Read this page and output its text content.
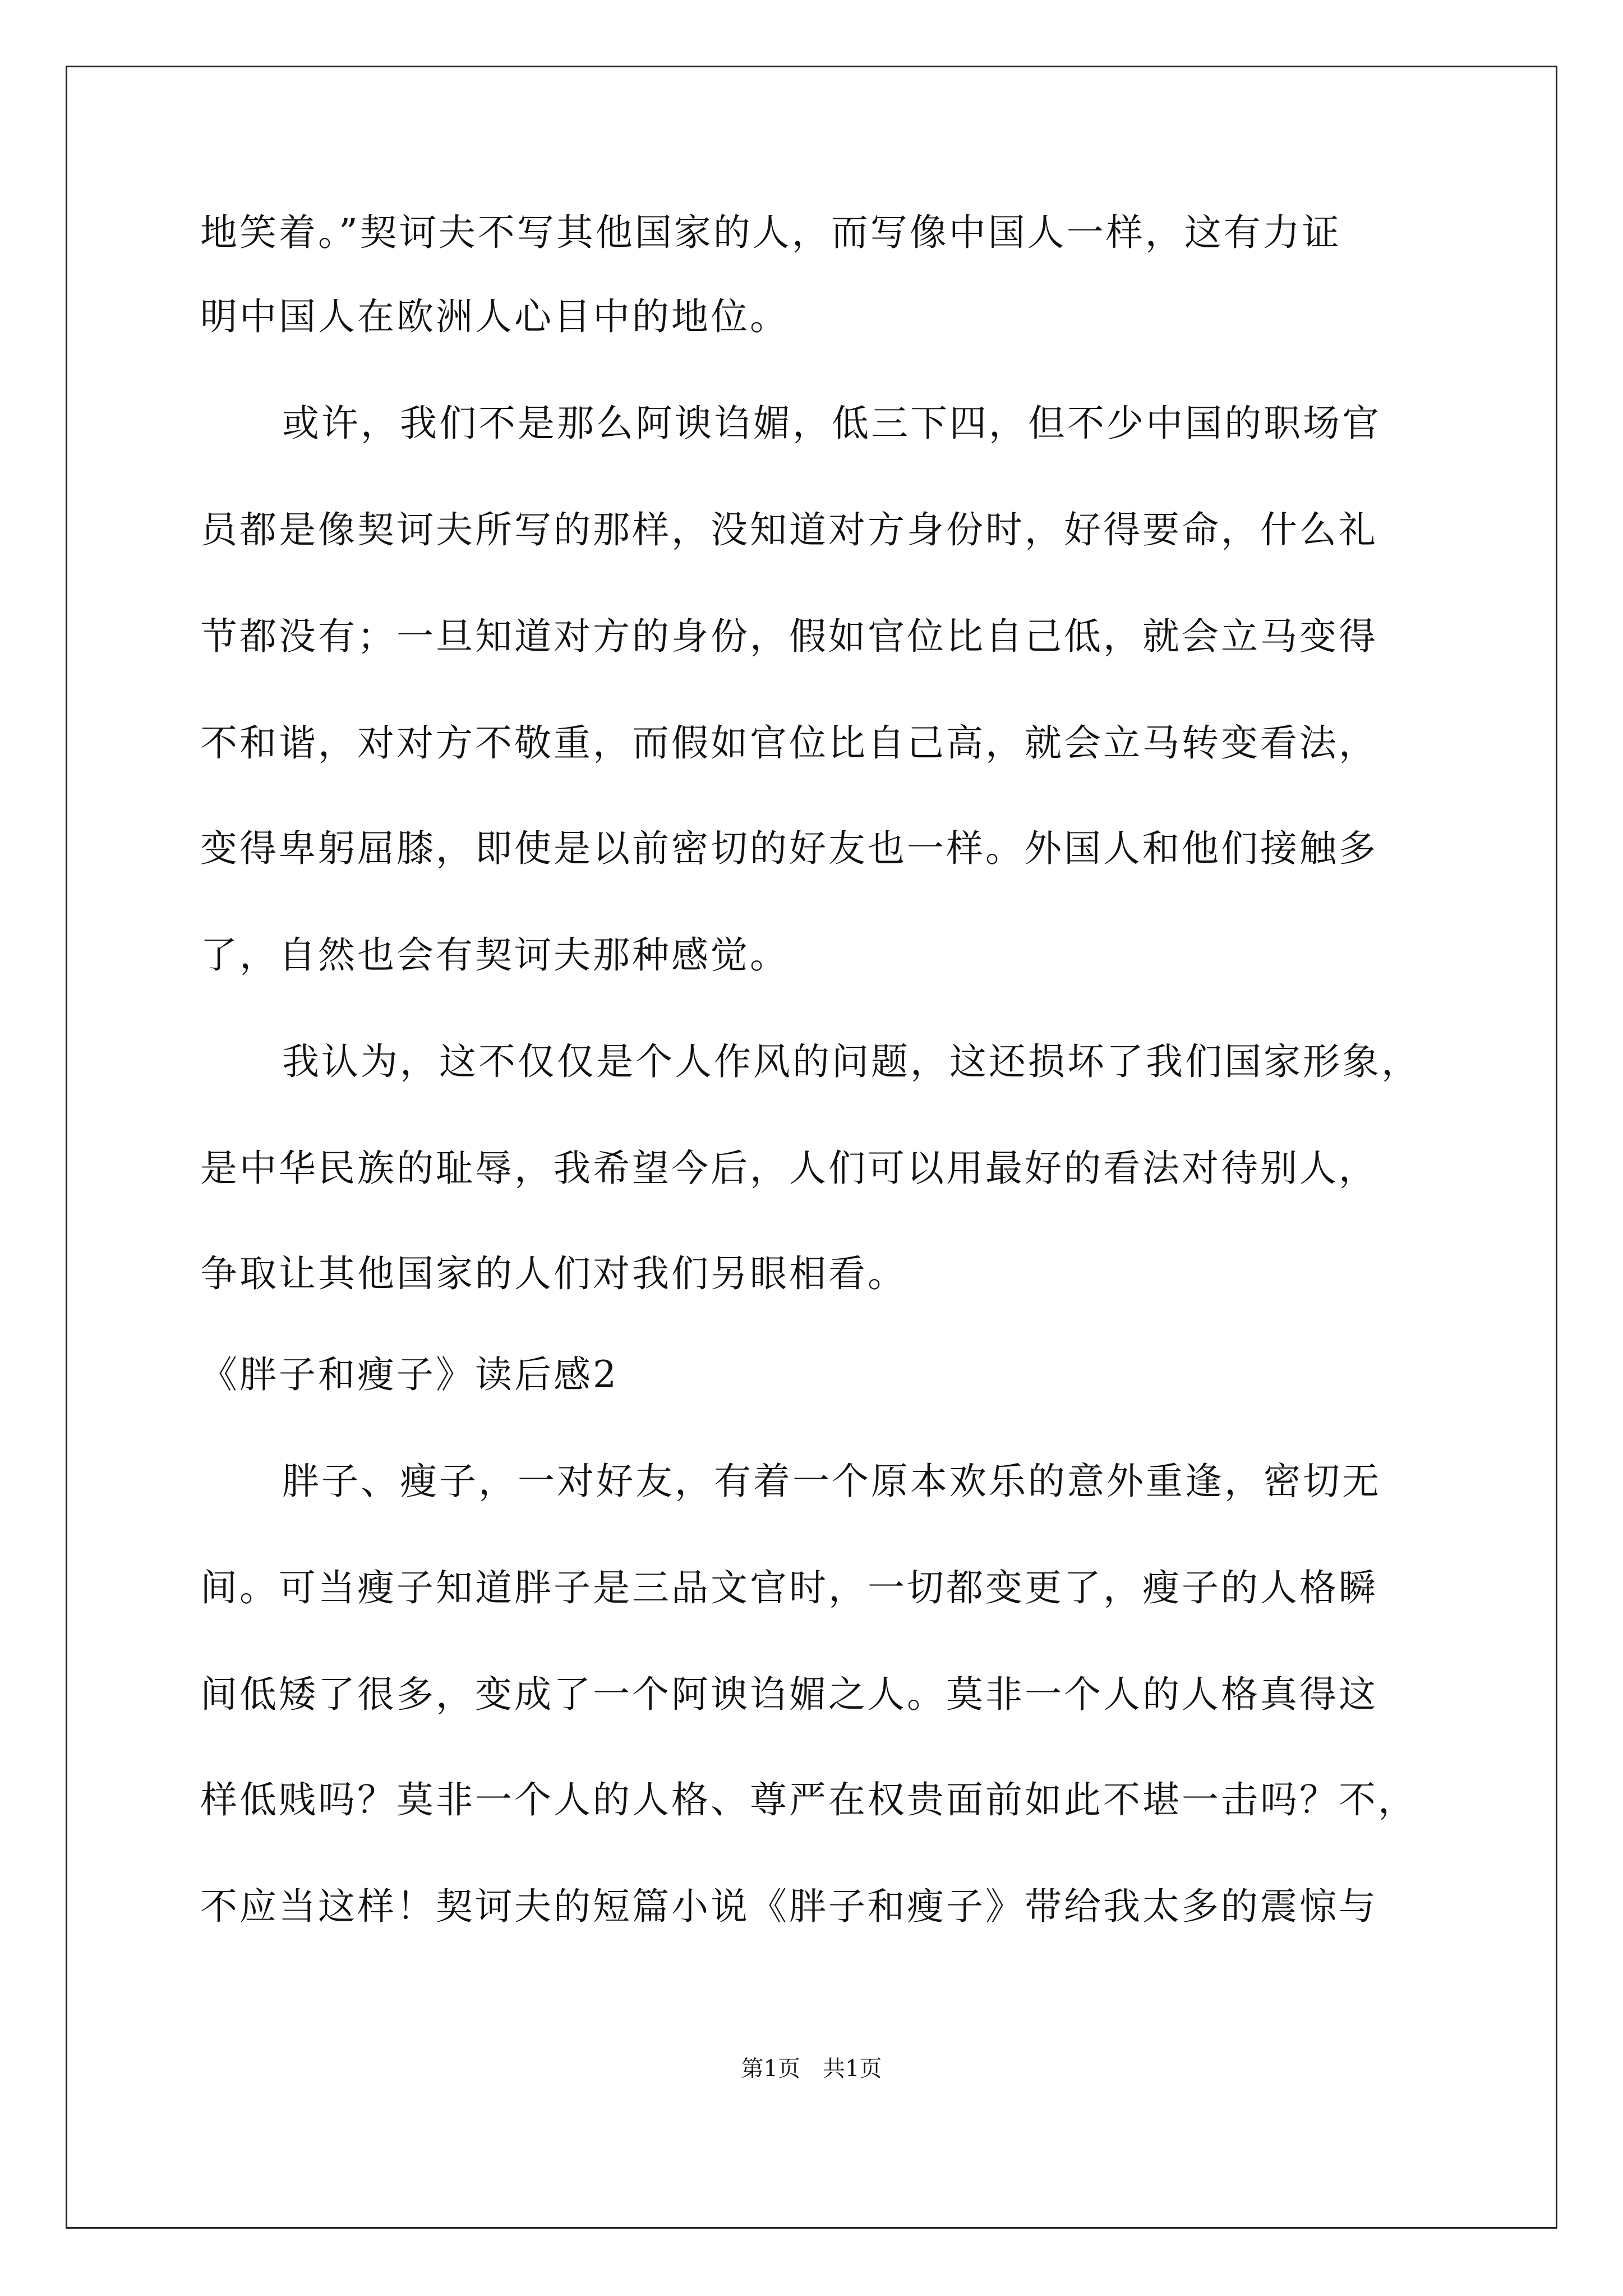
地笑着。”契诃夫不写其他国家的人，而写像中国人一样，这有力证
明中国人在欧洲人心目中的地位。
或许，我们不是那么阿谀诌媚，低三下四，但不少中国的职场官
员都是像契诃夫所写的那样，没知道对方身份时，好得要命，什么礼
节都没有；一旦知道对方的身份，假如官位比自己低，就会立马变得
不和谐，对对方不敬重，而假如官位比自己高，就会立马转变看法，
变得卑躬屈膝，即使是以前密切的好友也一样。外国人和他们接触多
了，自然也会有契诃夫那种感觉。
我认为，这不仅仅是个人作风的问题，这还损坏了我们国家形象，
是中华民族的耻辱，我希望今后，人们可以用最好的看法对待别人，
争取让其他国家的人们对我们另眼相看。
《胖子和瘦子》读后感2
胖子、瘦子，一对好友，有着一个原本欢乐的意外重逢，密切无
间。可当瘦子知道胖子是三品文官时，一切都变更了，瘦子的人格瞬
间低矮了很多，变成了一个阿谀诌媚之人。莫非一个人的人格真得这
样低贱吗？莫非一个人的人格、尊严在权贵面前如此不堪一击吗？不，
不应当这样！契诃夫的短篇小说《胖子和瘦子》带给我太多的震惊与
第1页 共1页
